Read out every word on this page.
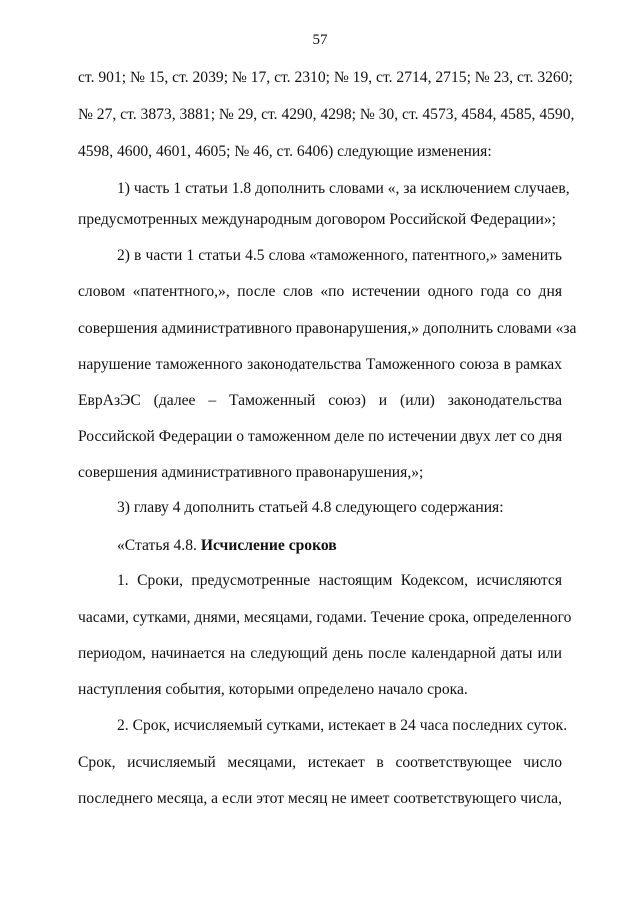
57
ст. 901; № 15, ст. 2039; № 17, ст. 2310; № 19, ст. 2714, 2715; № 23, ст. 3260;
№ 27, ст. 3873, 3881; № 29, ст. 4290, 4298; № 30, ст. 4573, 4584, 4585, 4590,
4598, 4600, 4601, 4605; № 46, ст. 6406) следующие изменения:
1) часть 1 статьи 1.8 дополнить словами «, за исключением случаев,
предусмотренных международным договором Российской Федерации»;
2) в части 1 статьи 4.5 слова «таможенного, патентного,» заменить
словом «патентного,», после слов «по истечении одного года со дня
совершения административного правонарушения,» дополнить словами «за
нарушение таможенного законодательства Таможенного союза в рамках
ЕврАзЭС (далее – Таможенный союз) и (или) законодательства
Российской Федерации о таможенном деле по истечении двух лет со дня
совершения административного правонарушения,»;
3) главу 4 дополнить статьей 4.8 следующего содержания:
«Статья 4.8. Исчисление сроков
1. Сроки, предусмотренные настоящим Кодексом, исчисляются
часами, сутками, днями, месяцами, годами. Течение срока, определенного
периодом, начинается на следующий день после календарной даты или
наступления события, которыми определено начало срока.
2. Срок, исчисляемый сутками, истекает в 24 часа последних суток.
Срок, исчисляемый месяцами, истекает в соответствующее число
последнего месяца, а если этот месяц не имеет соответствующего числа,
